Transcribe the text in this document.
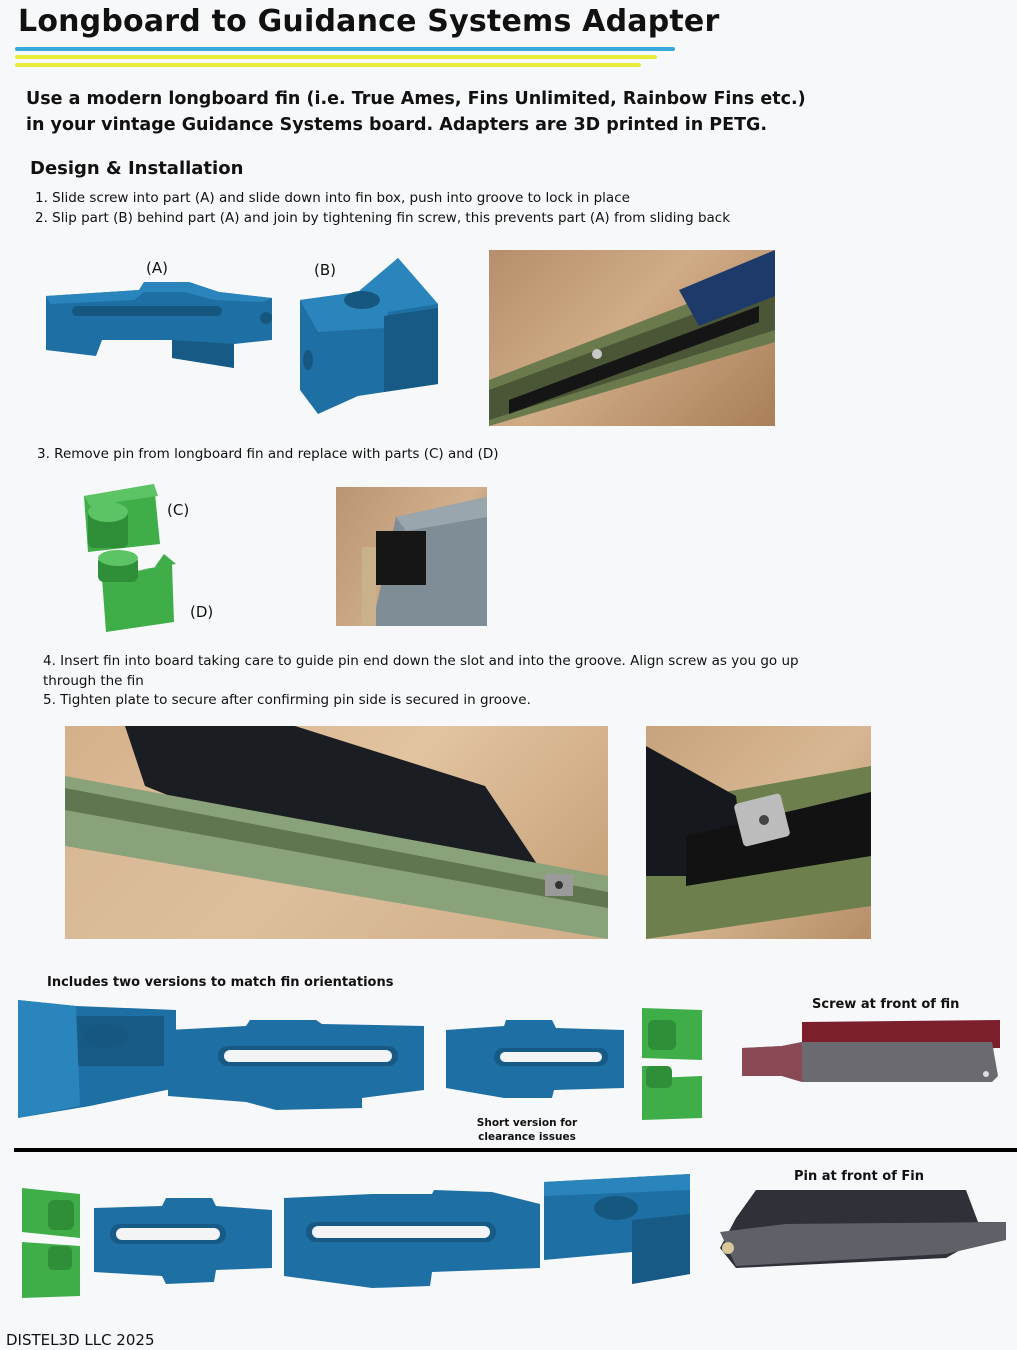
Longboard to Guidance Systems Adapter
Use a modern longboard fin (i.e. True Ames, Fins Unlimited, Rainbow Fins etc.)
in your vintage Guidance Systems board. Adapters are 3D printed in PETG.
Design & Installation
1. Slide screw into part (A) and slide down into fin box, push into groove to lock in place
2. Slip part (B) behind part (A) and join by tightening fin screw, this prevents part (A) from sliding back
(A)	(B)
3. Remove pin from longboard fin and replace with parts (C) and (D)
(C)
(D)
4. Insert fin into board taking care to guide pin end down the slot and into the groove. Align screw as you go up
through the fin
5. Tighten plate to secure after confirming pin side is secured in groove.
Includes two versions to match fin orientations
Short version for
clearance issues
Screw at front of fin
Pin at front of Fin
DISTEL3D LLC 2025
